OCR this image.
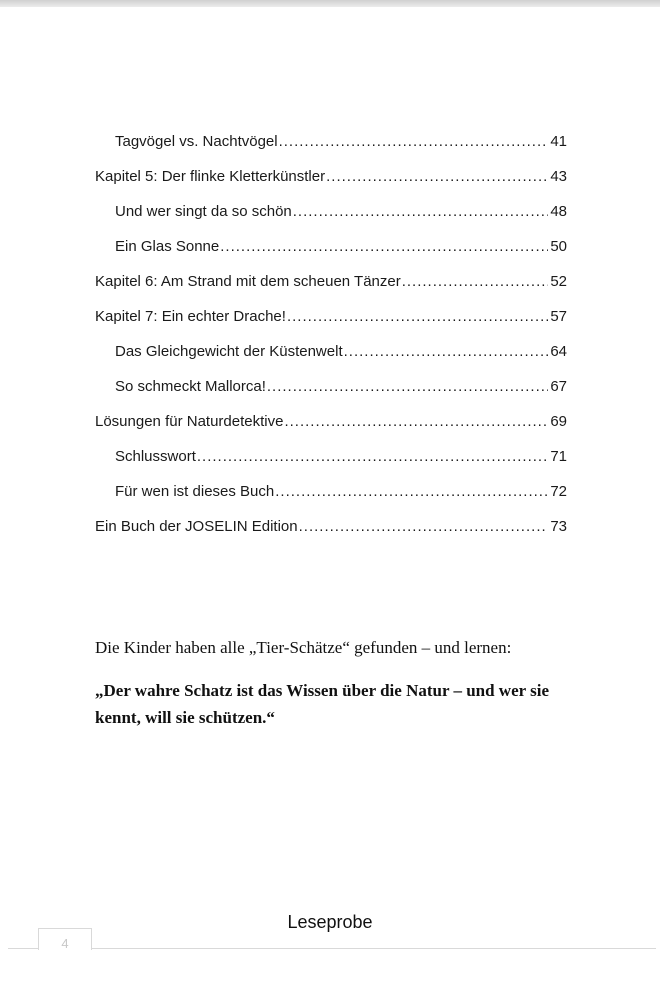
Tagvögel vs. Nachtvögel .....	41
Kapitel 5: Der flinke Kletterkünstler .....	43
Und wer singt da so schön .....	48
Ein Glas Sonne .....	50
Kapitel 6: Am Strand mit dem scheuen Tänzer .....	52
Kapitel 7: Ein echter Drache! .....	57
Das Gleichgewicht der Küstenwelt .....	64
So schmeckt Mallorca! .....	67
Lösungen für Naturdetektive .....	69
Schlusswort .....	71
Für wen ist dieses Buch .....	72
Ein Buch der JOSELIN Edition .....	73

Die Kinder haben alle „Tier-Schätze“ gefunden – und lernen:

„Der wahre Schatz ist das Wissen über die Natur – und wer sie kennt, will sie schützen.“

Leseprobe
4
